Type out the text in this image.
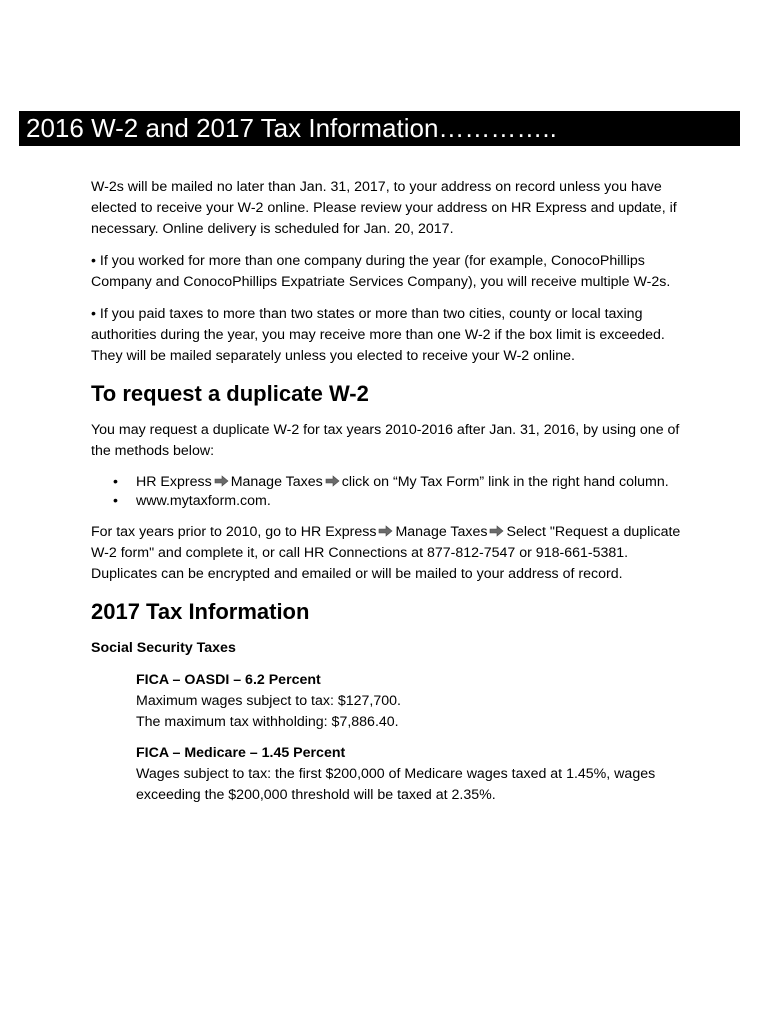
2016 W-2 and 2017 Tax Information…………..

W-2s will be mailed no later than Jan. 31, 2017, to your address on record unless you have elected to receive your W-2 online. Please review your address on HR Express and update, if necessary. Online delivery is scheduled for Jan. 20, 2017.

• If you worked for more than one company during the year (for example, ConocoPhillips Company and ConocoPhillips Expatriate Services Company), you will receive multiple W-2s.

• If you paid taxes to more than two states or more than two cities, county or local taxing authorities during the year, you may receive more than one W-2 if the box limit is exceeded. They will be mailed separately unless you elected to receive your W-2 online.

To request a duplicate W-2

You may request a duplicate W-2 for tax years 2010-2016 after Jan. 31, 2016, by using one of the methods below:

• HR Express Manage Taxes click on “My Tax Form” link in the right hand column.
• www.mytaxform.com.

For tax years prior to 2010, go to HR Express Manage Taxes Select "Request a duplicate W-2 form" and complete it, or call HR Connections at 877-812-7547 or 918-661-5381. Duplicates can be encrypted and emailed or will be mailed to your address of record.

2017 Tax Information
Social Security Taxes
FICA – OASDI – 6.2 Percent
Maximum wages subject to tax: $127,700.
The maximum tax withholding: $7,886.40.
FICA – Medicare – 1.45 Percent
Wages subject to tax: the first $200,000 of Medicare wages taxed at 1.45%, wages exceeding the $200,000 threshold will be taxed at 2.35%.
